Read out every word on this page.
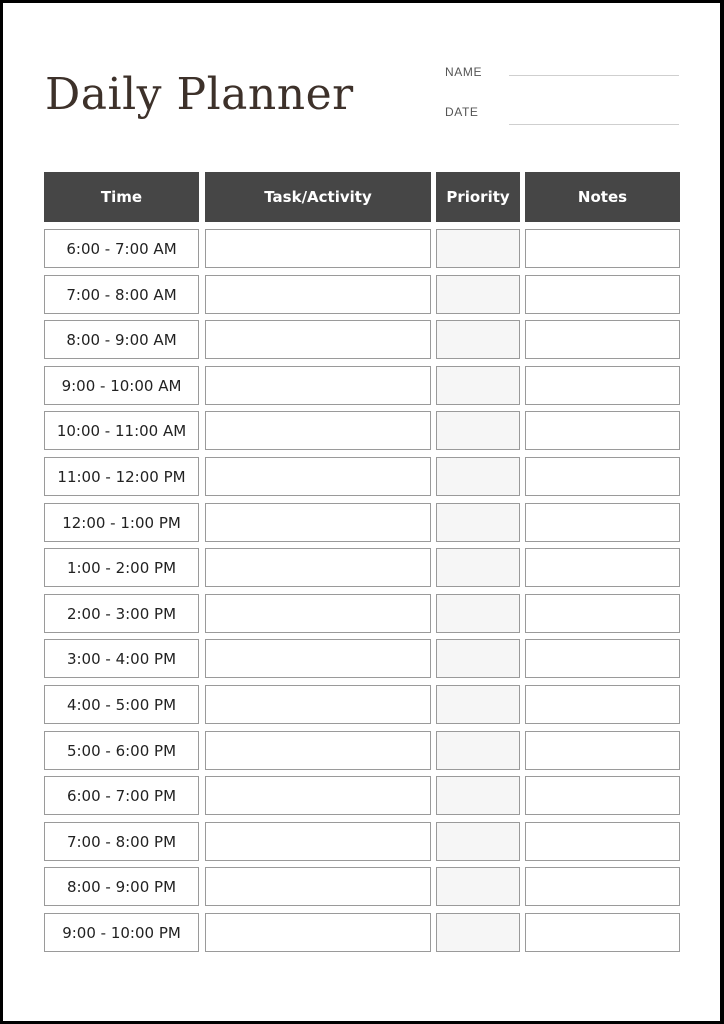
Daily Planner	NAME
DATE
Time	Task/Activity	Priority	Notes
6:00 - 7:00 AM
7:00 - 8:00 AM
8:00 - 9:00 AM
9:00 - 10:00 AM
10:00 - 11:00 AM
11:00 - 12:00 PM
12:00 - 1:00 PM
1:00 - 2:00 PM
2:00 - 3:00 PM
3:00 - 4:00 PM
4:00 - 5:00 PM
5:00 - 6:00 PM
6:00 - 7:00 PM
7:00 - 8:00 PM
8:00 - 9:00 PM
9:00 - 10:00 PM
